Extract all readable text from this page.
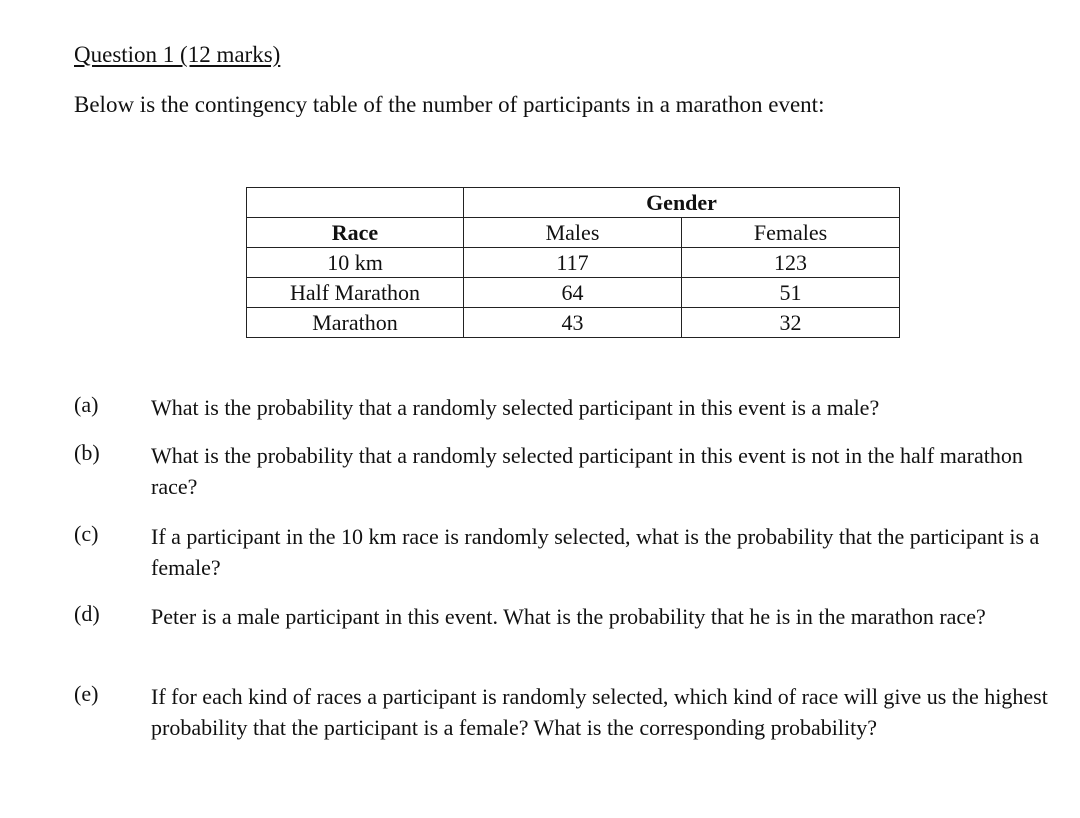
Question 1 (12 marks)
Below is the contingency table of the number of participants in a marathon event:
	Gender	
Race	Males	Females
10 km	117	123
Half Marathon	64	51
Marathon	43	32
(a) What is the probability that a randomly selected participant in this event is a male?
(b) What is the probability that a randomly selected participant in this event is not in the half marathon race?
(c) If a participant in the 10 km race is randomly selected, what is the probability that the participant is a female?
(d) Peter is a male participant in this event. What is the probability that he is in the marathon race?
(e) If for each kind of races a participant is randomly selected, which kind of race will give us the highest probability that the participant is a female? What is the corresponding probability?
